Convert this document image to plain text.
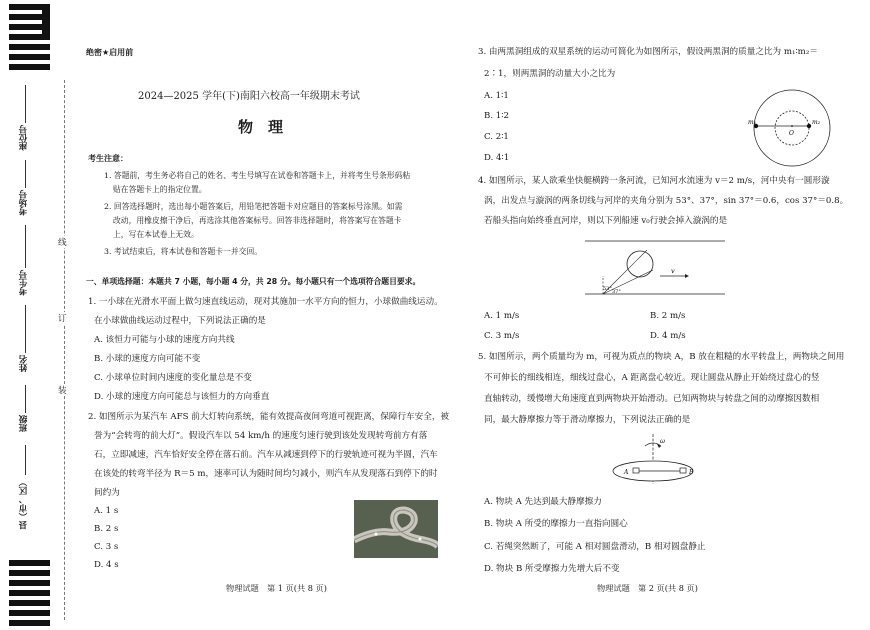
座位号
考场号
考生号
姓名
班级
县（市、区）
线
订
装
绝密★启用前
2024—2025 学年(下)南阳六校高一年级期末考试
物　理
考生注意：
1. 答题前，考生务必将自己的姓名、考生号填写在试卷和答题卡上，并将考生号条形码粘
贴在答题卡上的指定位置。
2. 回答选择题时，选出每小题答案后，用铅笔把答题卡对应题目的答案标号涂黑。如需
改动，用橡皮擦干净后，再选涂其他答案标号。回答非选择题时，将答案写在答题卡
上，写在本试卷上无效。
3. 考试结束后，将本试卷和答题卡一并交回。
一、单项选择题：本题共 7 小题，每小题 4 分，共 28 分。每小题只有一个选项符合题目要求。
1. 一小球在光滑水平面上做匀速直线运动，现对其施加一水平方向的恒力，小球做曲线运动。
在小球做曲线运动过程中，下列说法正确的是
A. 该恒力可能与小球的速度方向共线
B. 小球的速度方向可能不变
C. 小球单位时间内速度的变化量总是不变
D. 小球的速度方向可能总与该恒力的方向垂直
2. 如图所示为某汽车 AFS 前大灯转向系统，能有效提高夜间弯道可视距离，保障行车安全，被
誉为“会转弯的前大灯”。假设汽车以 54 km/h 的速度匀速行驶到该处发现转弯前方有落
石，立即减速，汽车恰好安全停在落石前。汽车从减速到停下的行驶轨迹可视为半圆，汽车
在该处的转弯半径为 R＝5 m，速率可认为随时间均匀减小，则汽车从发现落石到停下的时
间约为
A. 1 s
B. 2 s
C. 3 s
D. 4 s
物理试题　第 1 页(共 8 页)
3. 由两黑洞组成的双星系统的运动可简化为如图所示，假设两黑洞的质量之比为 m₁∶m₂＝
2∶1，则两黑洞的动量大小之比为
A. 1∶1
B. 1∶2
C. 2∶1
D. 4∶1
m₁	m₂
O
4. 如图所示，某人欲乘坐快艇横跨一条河流，已知河水流速为 v＝2 m/s，河中央有一圆形漩
涡，出发点与漩涡的两条切线与河岸的夹角分别为 53°、37°，sin 37°＝0.6，cos 37°＝0.8。
若船头指向始终垂直河岸，则以下列船速 v₀行驶会掉入漩涡的是
v
53° 37°
A. 1 m/s	B. 2 m/s
C. 3 m/s	D. 4 m/s
5. 如图所示，两个质量均为 m，可视为质点的物块 A，B 放在粗糙的水平转盘上，两物块之间用
不可伸长的细线相连，细线过盘心，A 距离盘心较近。现让圆盘从静止开始绕过盘心的竖
直轴转动，缓慢增大角速度直到两物块开始滑动。已知两物块与转盘之间的动摩擦因数相
同，最大静摩擦力等于滑动摩擦力，下列说法正确的是
ω
A	B
A. 物块 A 先达到最大静摩擦力
B. 物块 A 所受的摩擦力一直指向圆心
C. 若绳突然断了，可能 A 相对圆盘滑动，B 相对圆盘静止
D. 物块 B 所受摩擦力先增大后不变
物理试题　第 2 页(共 8 页)
